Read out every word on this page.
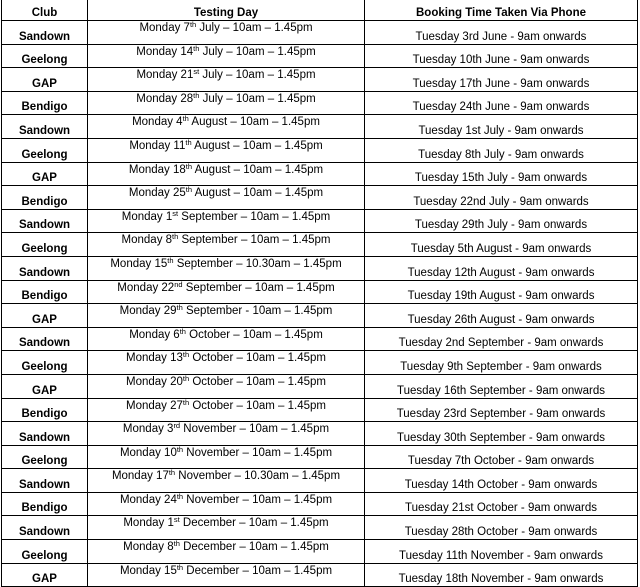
Club	Testing Day	Booking Time Taken Via Phone
Sandown	Monday 7th July – 10am – 1.45pm	Tuesday 3rd June - 9am onwards
Geelong	Monday 14th July – 10am – 1.45pm	Tuesday 10th June - 9am onwards
GAP	Monday 21st July – 10am – 1.45pm	Tuesday 17th June - 9am onwards
Bendigo	Monday 28th July – 10am – 1.45pm	Tuesday 24th June - 9am onwards
Sandown	Monday 4th August – 10am – 1.45pm	Tuesday 1st July - 9am onwards
Geelong	Monday 11th August – 10am – 1.45pm	Tuesday 8th July - 9am onwards
GAP	Monday 18th August – 10am – 1.45pm	Tuesday 15th July - 9am onwards
Bendigo	Monday 25th August – 10am – 1.45pm	Tuesday 22nd July - 9am onwards
Sandown	Monday 1st September – 10am – 1.45pm	Tuesday 29th July - 9am onwards
Geelong	Monday 8th September – 10am – 1.45pm	Tuesday 5th August - 9am onwards
Sandown	Monday 15th September – 10.30am – 1.45pm	Tuesday 12th August - 9am onwards
Bendigo	Monday 22nd September – 10am – 1.45pm	Tuesday 19th August - 9am onwards
GAP	Monday 29th September - 10am – 1.45pm	Tuesday 26th August - 9am onwards
Sandown	Monday 6th October – 10am – 1.45pm	Tuesday 2nd September - 9am onwards
Geelong	Monday 13th October – 10am – 1.45pm	Tuesday 9th September - 9am onwards
GAP	Monday 20th October – 10am – 1.45pm	Tuesday 16th September - 9am onwards
Bendigo	Monday 27th October – 10am – 1.45pm	Tuesday 23rd September - 9am onwards
Sandown	Monday 3rd November – 10am – 1.45pm	Tuesday 30th September - 9am onwards
Geelong	Monday 10th November – 10am – 1.45pm	Tuesday 7th October - 9am onwards
Sandown	Monday 17th November – 10.30am – 1.45pm	Tuesday 14th October - 9am onwards
Bendigo	Monday 24th November – 10am – 1.45pm	Tuesday 21st October - 9am onwards
Sandown	Monday 1st December – 10am – 1.45pm	Tuesday 28th October - 9am onwards
Geelong	Monday 8th December – 10am – 1.45pm	Tuesday 11th November - 9am onwards
GAP	Monday 15th December – 10am – 1.45pm	Tuesday 18th November - 9am onwards
